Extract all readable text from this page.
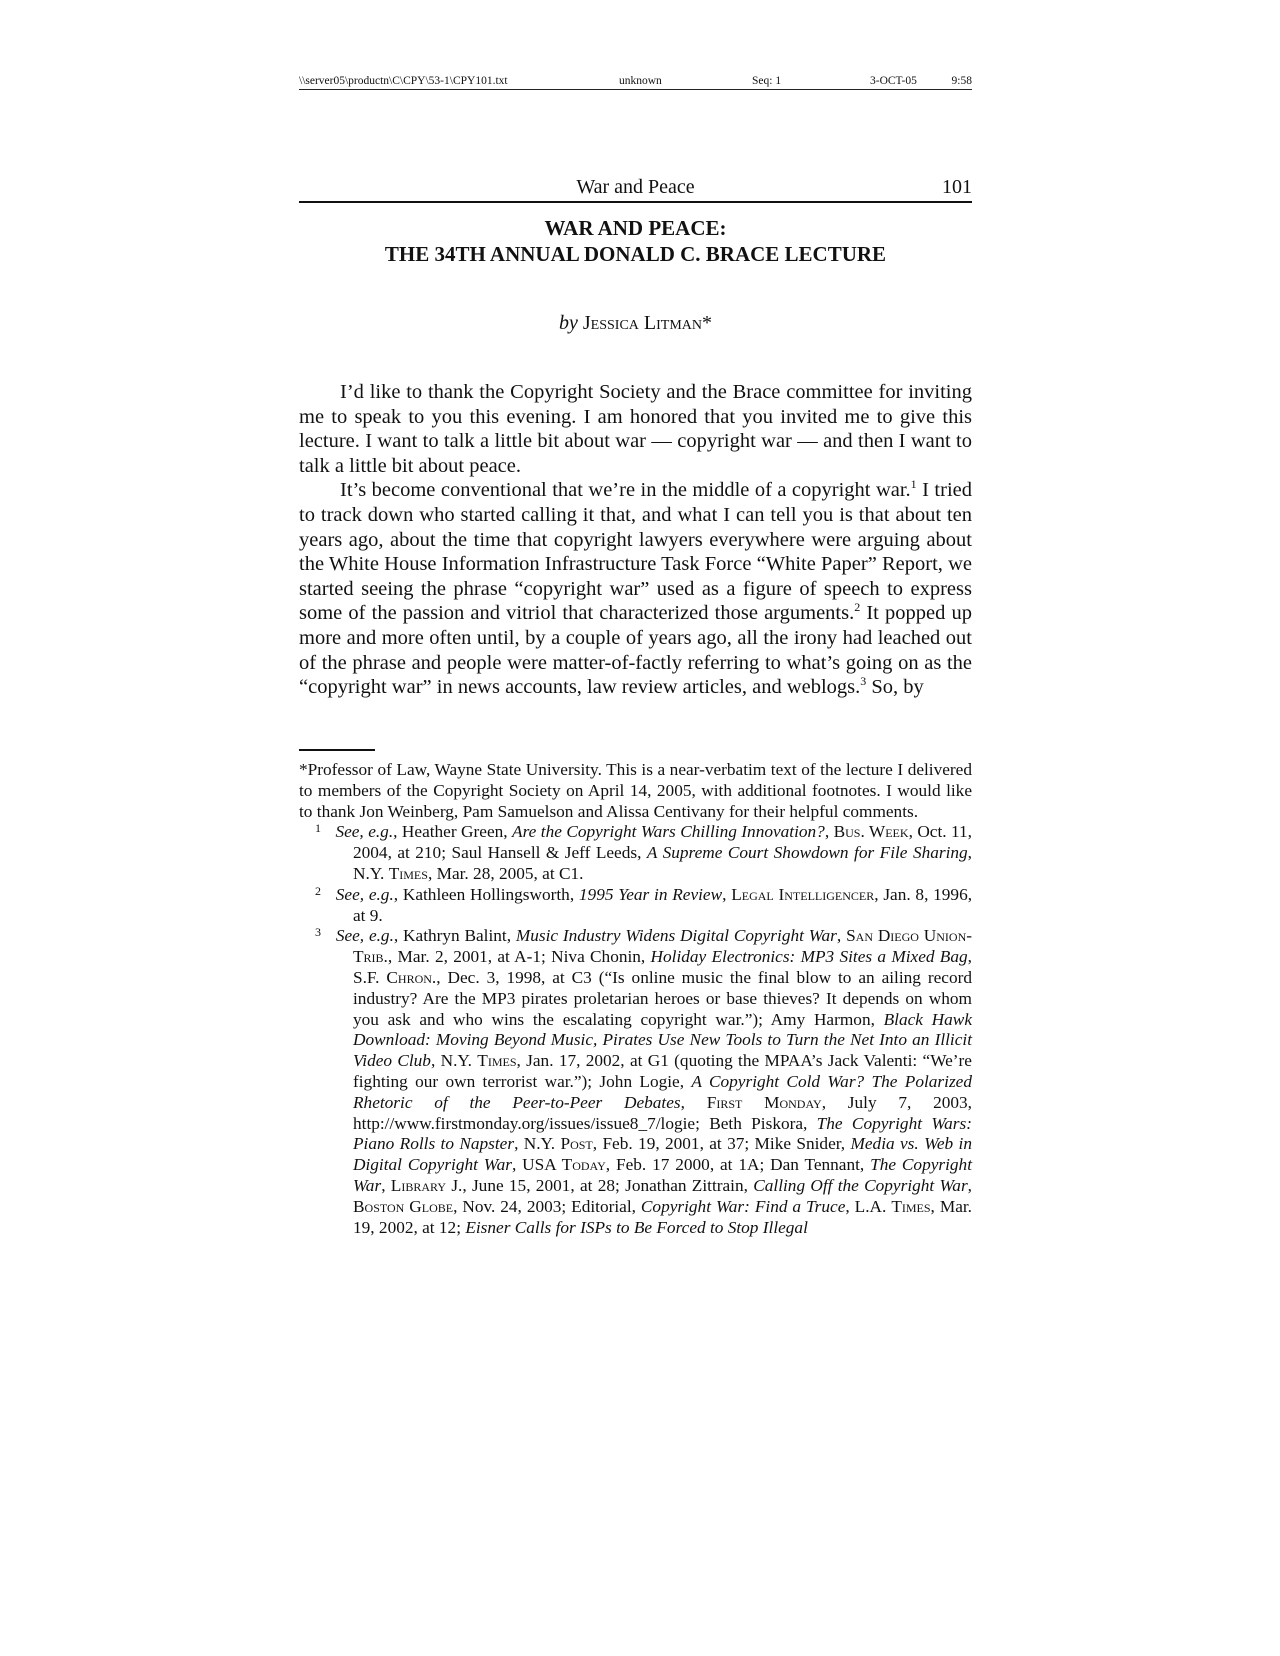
\\server05\productn\C\CPY\53-1\CPY101.txt	unknown	Seq: 1	3-OCT-05	9:58
War and Peace	101
WAR AND PEACE:
THE 34TH ANNUAL DONALD C. BRACE LECTURE
by Jessica Litman*

I’d like to thank the Copyright Society and the Brace committee for inviting me to speak to you this evening. I am honored that you invited me to give this lecture. I want to talk a little bit about war — copyright war — and then I want to talk a little bit about peace.

It’s become conventional that we’re in the middle of a copyright war.$^1$ I tried to track down who started calling it that, and what I can tell you is that about ten years ago, about the time that copyright lawyers everywhere were arguing about the White House Information Infrastructure Task Force “White Paper” Report, we started seeing the phrase “copyright war” used as a figure of speech to express some of the passion and vitriol that characterized those arguments.$^2$ It popped up more and more often until, by a couple of years ago, all the irony had leached out of the phrase and people were matter-of-factly referring to what’s going on as the “copyright war” in news accounts, law review articles, and weblogs.$^3$ So, by

*Professor of Law, Wayne State University. This is a near-verbatim text of the lecture I delivered to members of the Copyright Society on April 14, 2005, with additional footnotes. I would like to thank Jon Weinberg, Pam Samuelson and Alissa Centivany for their helpful comments.

1 See, e.g., Heather Green, Are the Copyright Wars Chilling Innovation?, Bus. Week, Oct. 11, 2004, at 210; Saul Hansell & Jeff Leeds, A Supreme Court Showdown for File Sharing, N.Y. Times, Mar. 28, 2005, at C1.

2 See, e.g., Kathleen Hollingsworth, 1995 Year in Review, Legal Intelligencer, Jan. 8, 1996, at 9.

3 See, e.g., Kathryn Balint, Music Industry Widens Digital Copyright War, San Diego Union-Trib., Mar. 2, 2001, at A-1; Niva Chonin, Holiday Electronics: MP3 Sites a Mixed Bag, S.F. Chron., Dec. 3, 1998, at C3 (“Is online music the final blow to an ailing record industry? Are the MP3 pirates proletarian heroes or base thieves? It depends on whom you ask and who wins the escalating copyright war.”); Amy Harmon, Black Hawk Download: Moving Beyond Music, Pirates Use New Tools to Turn the Net Into an Illicit Video Club, N.Y. Times, Jan. 17, 2002, at G1 (quoting the MPAA’s Jack Valenti: “We’re fighting our own terrorist war.”); John Logie, A Copyright Cold War? The Polarized Rhetoric of the Peer-to-Peer Debates, First Monday, July 7, 2003, http://www.firstmonday.org/issues/issue8_7/logie; Beth Piskora, The Copyright Wars: Piano Rolls to Napster, N.Y. Post, Feb. 19, 2001, at 37; Mike Snider, Media vs. Web in Digital Copyright War, USA Today, Feb. 17 2000, at 1A; Dan Tennant, The Copyright War, Library J., June 15, 2001, at 28; Jonathan Zittrain, Calling Off the Copyright War, Boston Globe, Nov. 24, 2003; Editorial, Copyright War: Find a Truce, L.A. Times, Mar. 19, 2002, at 12; Eisner Calls for ISPs to Be Forced to Stop Illegal
